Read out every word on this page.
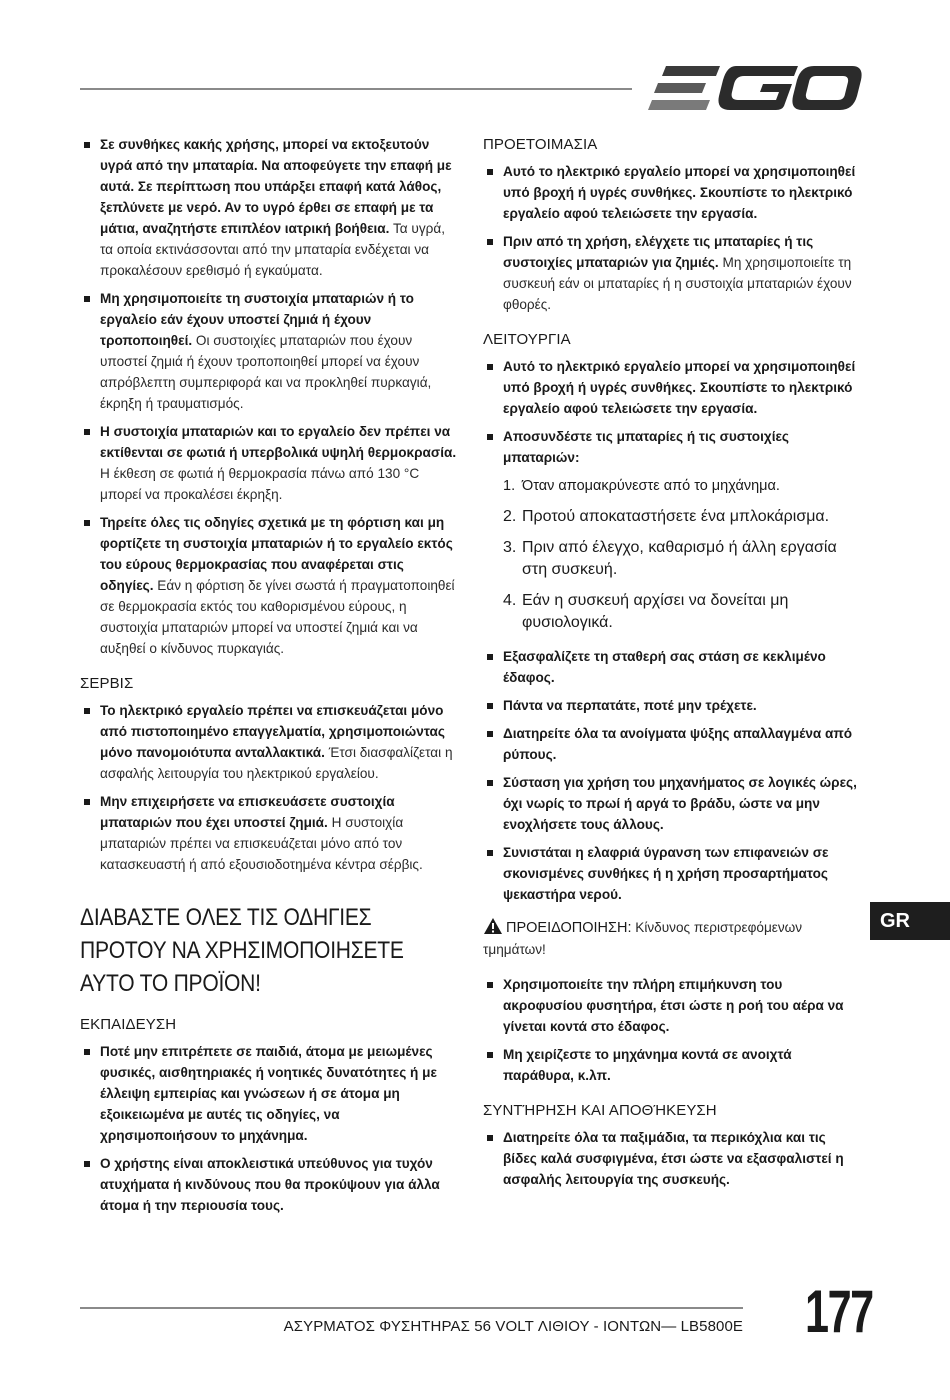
Σε συνθήκες κακής χρήσης, μπορεί να εκτοξευτούν υγρά από την μπαταρία. Να αποφεύγετε την επαφή με αυτά. Σε περίπτωση που υπάρξει επαφή κατά λάθος, ξεπλύνετε με νερό. Αν το υγρό έρθει σε επαφή με τα μάτια, αναζητήστε επιπλέον ιατρική βοήθεια. Τα υγρά, τα οποία εκτινάσσονται από την μπαταρία ενδέχεται να προκαλέσουν ερεθισμό ή εγκαύματα.
Μη χρησιμοποιείτε τη συστοιχία μπαταριών ή το εργαλείο εάν έχουν υποστεί ζημιά ή έχουν τροποποιηθεί. Οι συστοιχίες μπαταριών που έχουν υποστεί ζημιά ή έχουν τροποποιηθεί μπορεί να έχουν απρόβλεπτη συμπεριφορά και να προκληθεί πυρκαγιά, έκρηξη ή τραυματισμός.
Η συστοιχία μπαταριών και το εργαλείο δεν πρέπει να εκτίθενται σε φωτιά ή υπερβολικά υψηλή θερμοκρασία. Η έκθεση σε φωτιά ή θερμοκρασία πάνω από 130 °C μπορεί να προκαλέσει έκρηξη.
Τηρείτε όλες τις οδηγίες σχετικά με τη φόρτιση και μη φορτίζετε τη συστοιχία μπαταριών ή το εργαλείο εκτός του εύρους θερμοκρασίας που αναφέρεται στις οδηγίες. Εάν η φόρτιση δε γίνει σωστά ή πραγματοποιηθεί σε θερμοκρασία εκτός του καθορισμένου εύρους, η συστοιχία μπαταριών μπορεί να υποστεί ζημιά και να αυξηθεί ο κίνδυνος πυρκαγιάς.
ΣΕΡΒΙΣ
Το ηλεκτρικό εργαλείο πρέπει να επισκευάζεται μόνο από πιστοποιημένο επαγγελματία, χρησιμοποιώντας μόνο πανομοιότυπα ανταλλακτικά. Έτσι διασφαλίζεται η ασφαλής λειτουργία του ηλεκτρικού εργαλείου.
Μην επιχειρήσετε να επισκευάσετε συστοιχία μπαταριών που έχει υποστεί ζημιά. Η συστοιχία μπαταριών πρέπει να επισκευάζεται μόνο από τον κατασκευαστή ή από εξουσιοδοτημένα κέντρα σέρβις.
ΔΙΑΒΑΣΤΕ ΟΛΕΣ ΤΙΣ ΟΔΗΓΙΕΣ ΠΡΟΤΟΥ ΝΑ ΧΡΗΣΙΜΟΠΟΙΗΣΕΤΕ ΑΥΤΟ ΤΟ ΠΡΟΪΟΝ!
ΕΚΠΑΙΔΕΥΣΗ
Ποτέ μην επιτρέπετε σε παιδιά, άτομα με μειωμένες φυσικές, αισθητηριακές ή νοητικές δυνατότητες ή με έλλειψη εμπειρίας και γνώσεων ή σε άτομα μη εξοικειωμένα με αυτές τις οδηγίες, να χρησιμοποιήσουν το μηχάνημα.
Ο χρήστης είναι αποκλειστικά υπεύθυνος για τυχόν ατυχήματα ή κινδύνους που θα προκύψουν για άλλα άτομα ή την περιουσία τους.
ΠΡΟΕΤΟΙΜΑΣΙΑ
Αυτό το ηλεκτρικό εργαλείο μπορεί να χρησιμοποιηθεί υπό βροχή ή υγρές συνθήκες. Σκουπίστε το ηλεκτρικό εργαλείο αφού τελειώσετε την εργασία.
Πριν από τη χρήση, ελέγχετε τις μπαταρίες ή τις συστοιχίες μπαταριών για ζημιές. Μη χρησιμοποιείτε τη συσκευή εάν οι μπαταρίες ή η συστοιχία μπαταριών έχουν φθορές.
ΛΕΙΤΟΥΡΓΙΑ
Αυτό το ηλεκτρικό εργαλείο μπορεί να χρησιμοποιηθεί υπό βροχή ή υγρές συνθήκες. Σκουπίστε το ηλεκτρικό εργαλείο αφού τελειώσετε την εργασία.
Αποσυνδέστε τις μπαταρίες ή τις συστοιχίες μπαταριών:
1. Όταν απομακρύνεστε από το μηχάνημα.
2. Προτού αποκαταστήσετε ένα μπλοκάρισμα.
3. Πριν από έλεγχο, καθαρισμό ή άλλη εργασία στη συσκευή.
4. Εάν η συσκευή αρχίσει να δονείται μη φυσιολογικά.
Εξασφαλίζετε τη σταθερή σας στάση σε κεκλιμένο έδαφος.
Πάντα να περπατάτε, ποτέ μην τρέχετε.
Διατηρείτε όλα τα ανοίγματα ψύξης απαλλαγμένα από ρύπους.
Σύσταση για χρήση του μηχανήματος σε λογικές ώρες, όχι νωρίς το πρωί ή αργά το βράδυ, ώστε να μην ενοχλήσετε τους άλλους.
Συνιστάται η ελαφριά ύγρανση των επιφανειών σε σκονισμένες συνθήκες ή η χρήση προσαρτήματος ψεκαστήρα νερού.
ΠΡΟΕΙΔΟΠΟΙΗΣΗ: Κίνδυνος περιστρεφόμενων τμημάτων!
Χρησιμοποιείτε την πλήρη επιμήκυνση του ακροφυσίου φυσητήρα, έτσι ώστε η ροή του αέρα να γίνεται κοντά στο έδαφος.
Μη χειρίζεστε το μηχάνημα κοντά σε ανοιχτά παράθυρα, κ.λπ.
ΣΥΝΤΉΡΗΣΗ ΚΑΙ ΑΠΟΘΉΚΕΥΣΗ
Διατηρείτε όλα τα παξιμάδια, τα περικόχλια και τις βίδες καλά συσφιγμένα, έτσι ώστε να εξασφαλιστεί η ασφαλής λειτουργία της συσκευής.
GR
ΑΣΥΡΜΑΤΟΣ ΦΥΣΗΤΗΡΑΣ 56 VOLT ΛΙΘΙΟΥ - ΙΟΝΤΩΝ— LB5800E 177
